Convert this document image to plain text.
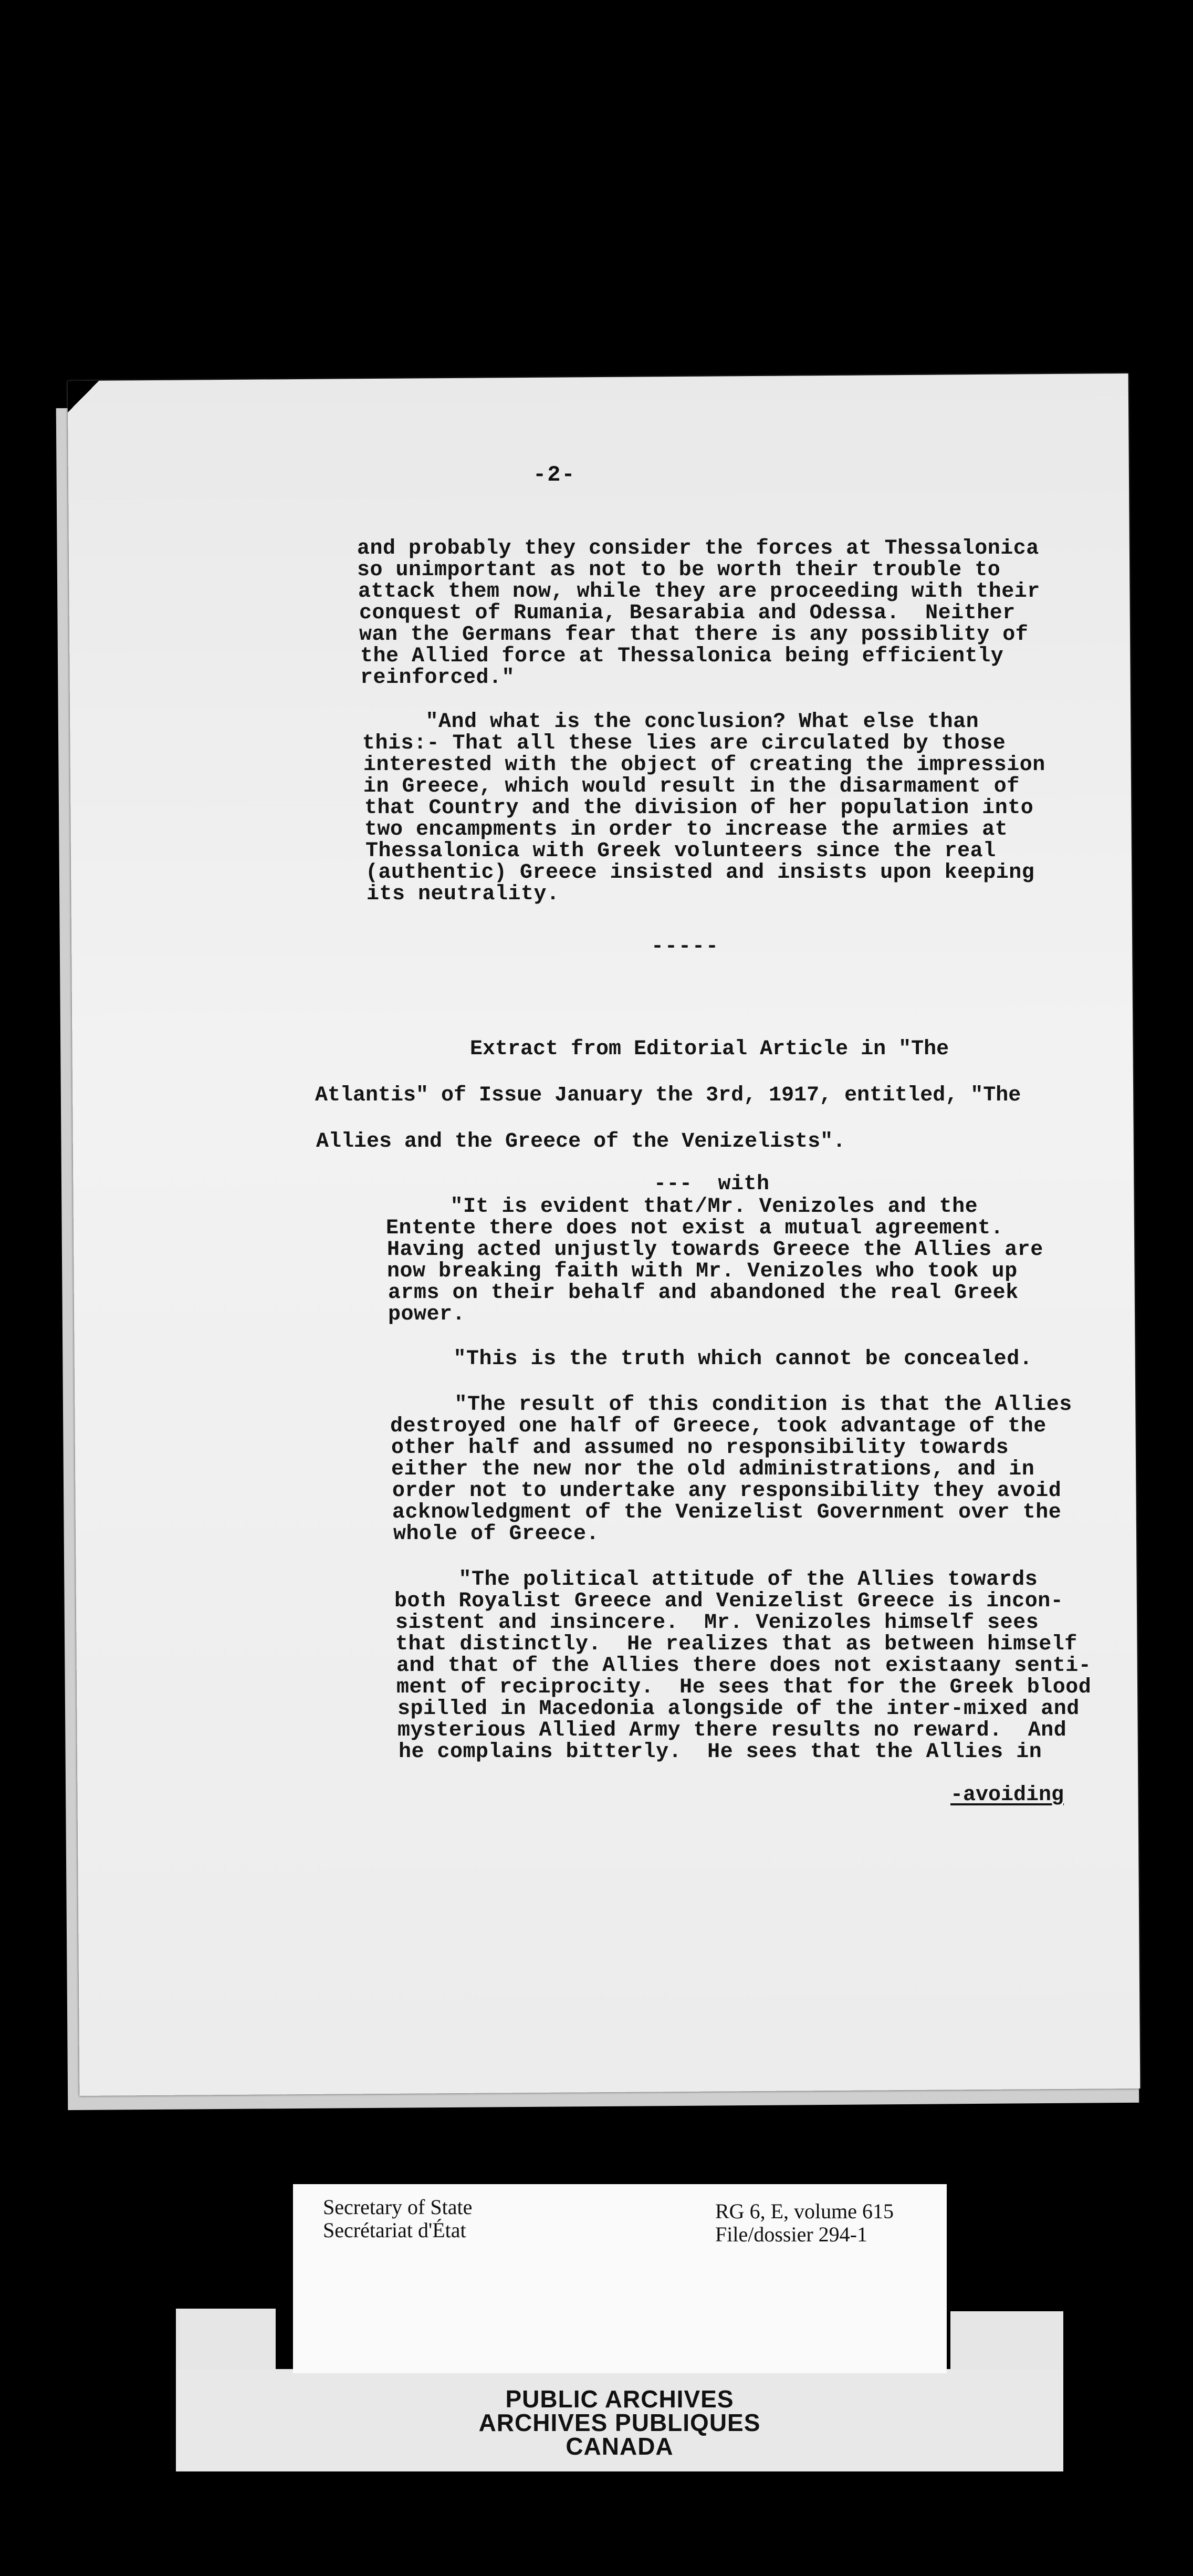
-2-
and probably they consider the forces at Thessalonica
so unimportant as not to be worth their trouble to
attack them now, while they are proceeding with their
conquest of Rumania, Besarabia and Odessa.  Neither
wan the Germans fear that there is any possiblity of
the Allied force at Thessalonica being efficiently
reinforced."
"And what is the conclusion? What else than
this:- That all these lies are circulated by those
interested with the object of creating the impression
in Greece, which would result in the disarmament of
that Country and the division of her population into
two encampments in order to increase the armies at
Thessalonica with Greek volunteers since the real
(authentic) Greece insisted and insists upon keeping
its neutrality.
-----
Extract from Editorial Article in "The
Atlantis" of Issue January the 3rd, 1917, entitled, "The
Allies and the Greece of the Venizelists".
---  with
"It is evident that/Mr. Venizoles and the
Entente there does not exist a mutual agreement.
Having acted unjustly towards Greece the Allies are
now breaking faith with Mr. Venizoles who took up
arms on their behalf and abandoned the real Greek
power.
"This is the truth which cannot be concealed.
"The result of this condition is that the Allies
destroyed one half of Greece, took advantage of the
other half and assumed no responsibility towards
either the new nor the old administrations, and in
order not to undertake any responsibility they avoid
acknowledgment of the Venizelist Government over the
whole of Greece.
"The political attitude of the Allies towards
both Royalist Greece and Venizelist Greece is incon-
sistent and insincere.  Mr. Venizoles himself sees
that distinctly.  He realizes that as between himself
and that of the Allies there does not existaany senti-
ment of reciprocity.  He sees that for the Greek blood
spilled in Macedonia alongside of the inter-mixed and
mysterious Allied Army there results no reward.  And
he complains bitterly.  He sees that the Allies in
-avoiding
Secretary of State
Secrétariat d'État
RG 6, E, volume 615
File/dossier 294-1
PUBLIC ARCHIVES
ARCHIVES PUBLIQUES
CANADA
